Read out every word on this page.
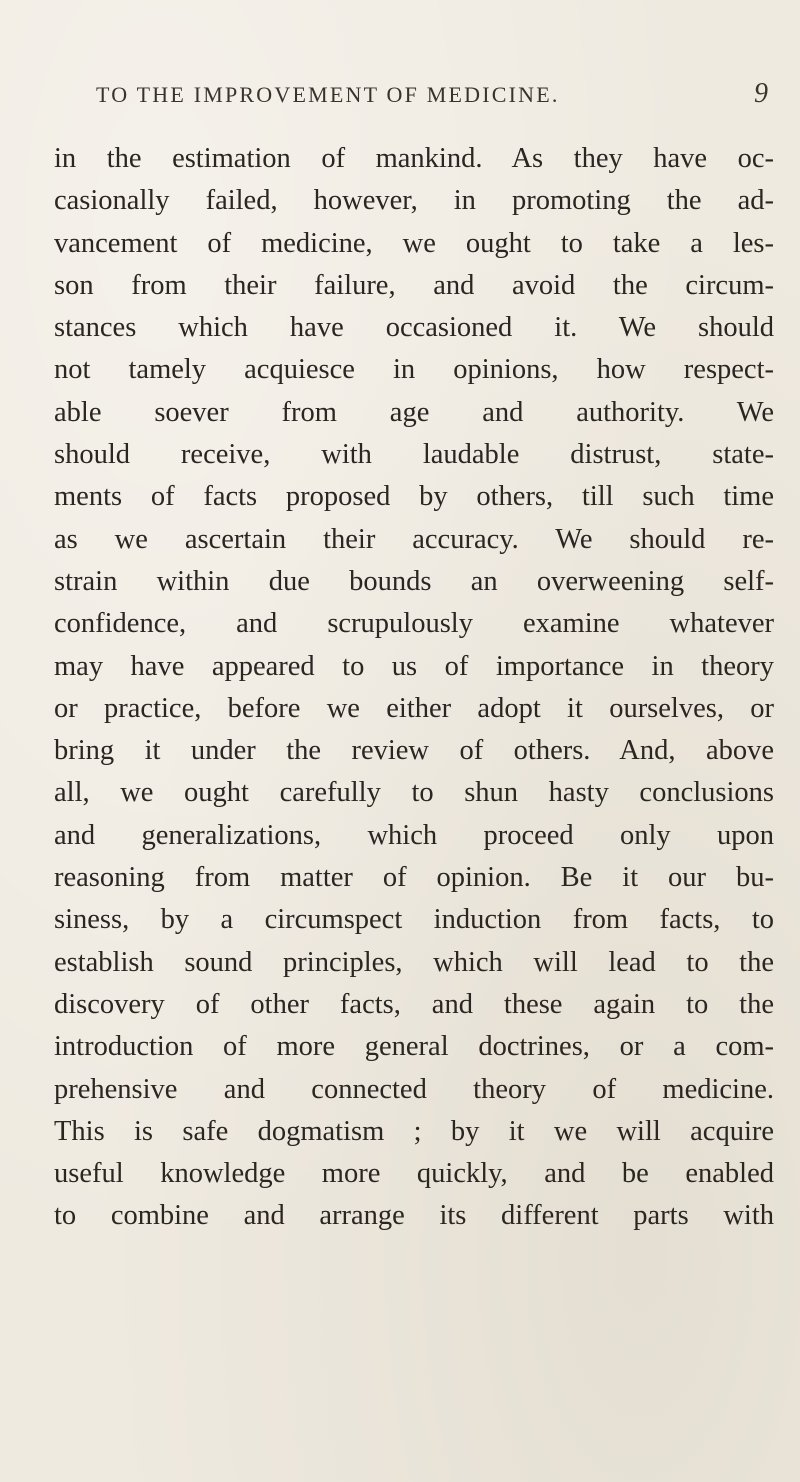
TO THE IMPROVEMENT OF MEDICINE.	9
in the estimation of mankind. As they have oc-
casionally failed, however, in promoting the ad-
vancement of medicine, we ought to take a les-
son from their failure, and avoid the circum-
stances which have occasioned it. We should
not tamely acquiesce in opinions, how respect-
able soever from age and authority. We
should receive, with laudable distrust, state-
ments of facts proposed by others, till such time
as we ascertain their accuracy. We should re-
strain within due bounds an overweening self-
confidence, and scrupulously examine whatever
may have appeared to us of importance in theory
or practice, before we either adopt it ourselves, or
bring it under the review of others. And, above
all, we ought carefully to shun hasty conclusions
and generalizations, which proceed only upon
reasoning from matter of opinion. Be it our bu-
siness, by a circumspect induction from facts, to
establish sound principles, which will lead to the
discovery of other facts, and these again to the
introduction of more general doctrines, or a com-
prehensive and connected theory of medicine.
This is safe dogmatism ; by it we will acquire
useful knowledge more quickly, and be enabled
to combine and arrange its different parts with
